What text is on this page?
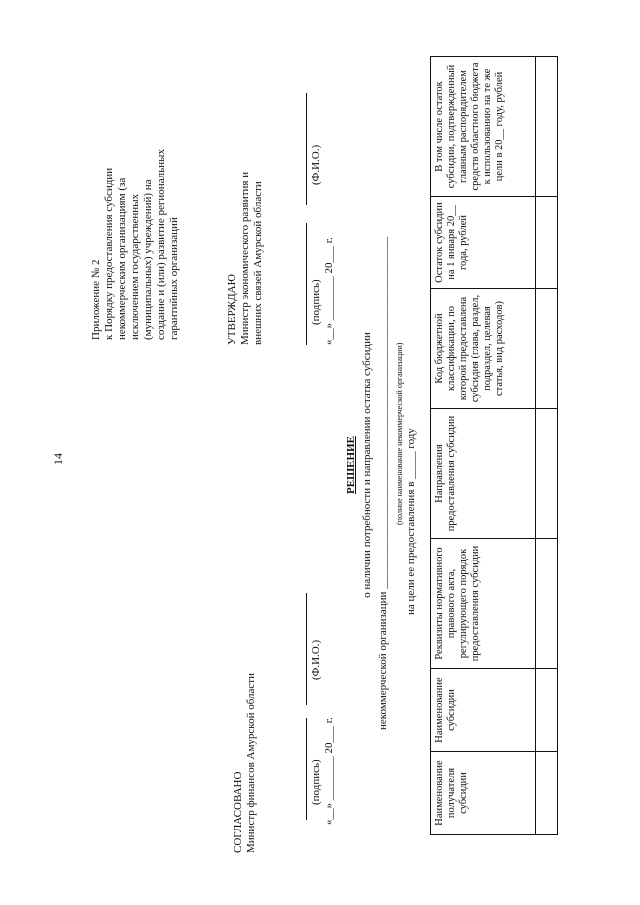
14
Приложение № 2 к Порядку предоставления субсидии некоммерческим организациям (за исключением государственных (муниципальных) учреждений) на создание и (или) развитие региональных гарантийных организаций	УТВЕРЖДАЮ Министр экономического развития и внешних связей Амурской области	(подпись)
(Ф.И.О.)
«__» ________ 20___ г.
СОГЛАСОВАНО Министр финансов Амурской области	(подпись)
(Ф.И.О.)
«__» ________ 20___ г.
РЕШЕНИЕ о наличии потребности и направлении остатка субсидии
некоммерческой организации ________________________________________________________________ (полное наименование некоммерческой организации)
на цели ее предоставления в _____ году
Наименование получателя субсидии	Наименование субсидии	Реквизиты нормативного правового акта, регулирующего порядок предоставления субсидии	Направления предоставления субсидии	Код бюджетной классификации, по которой предоставлена субсидия (глава, раздел, подраздел, целевая статья, вид расходов)	Остаток субсидии на 1 января 20__ года, рублей	В том числе остаток субсидии, подтвержденный главным распорядителем средств областного бюджета к использованию на те же цели в 20__ году, рублей
